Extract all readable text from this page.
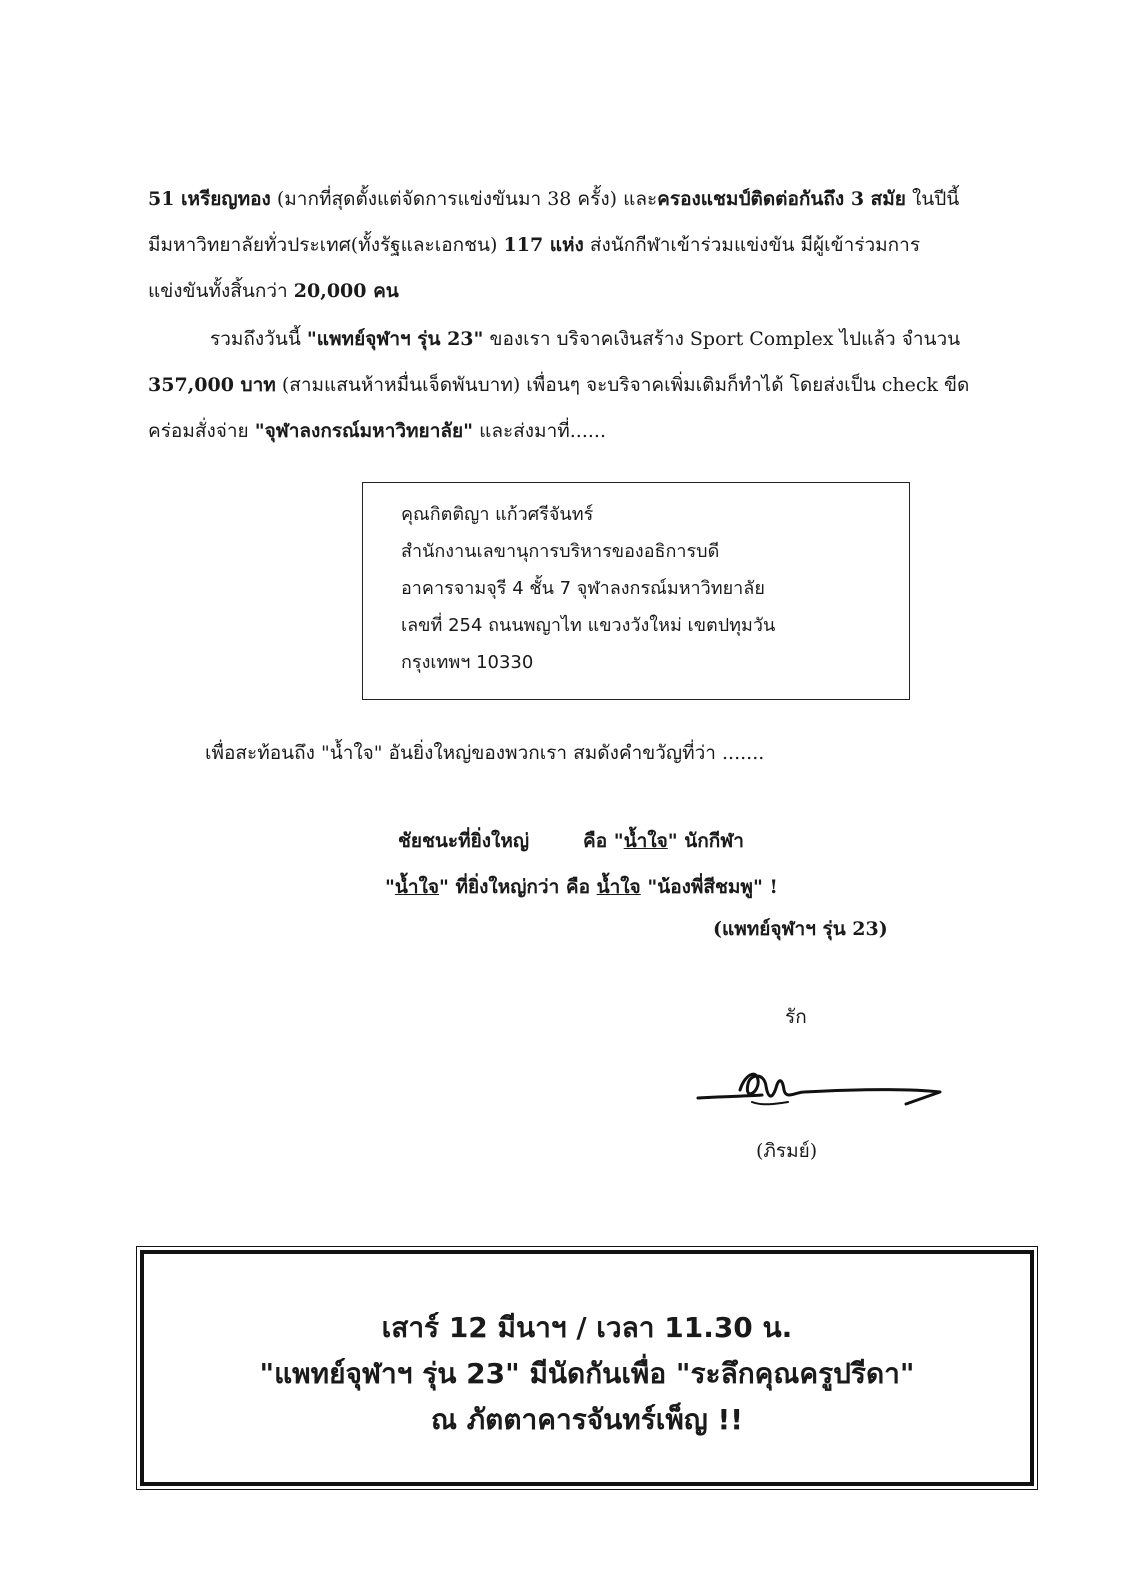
51 เหรียญทอง (มากที่สุดตั้งแต่จัดการแข่งขันมา 38 ครั้ง) และครองแชมป์ติดต่อกันถึง 3 สมัย ในปีนี้

มีมหาวิทยาลัยทั่วประเทศ(ทั้งรัฐและเอกชน) 117 แห่ง ส่งนักกีฬาเข้าร่วมแข่งขัน มีผู้เข้าร่วมการ

แข่งขันทั้งสิ้นกว่า 20,000 คน

รวมถึงวันนี้ "แพทย์จุฬาฯ รุ่น 23" ของเรา บริจาคเงินสร้าง Sport Complex ไปแล้ว จำนวน

357,000 บาท (สามแสนห้าหมื่นเจ็ดพันบาท) เพื่อนๆ จะบริจาคเพิ่มเติมก็ทำได้ โดยส่งเป็น check ขีด

คร่อมสั่งจ่าย "จุฬาลงกรณ์มหาวิทยาลัย" และส่งมาที่......

คุณกิตติญา แก้วศรีจันทร์
สำนักงานเลขานุการบริหารของอธิการบดี
อาคารจามจุรี 4 ชั้น 7 จุฬาลงกรณ์มหาวิทยาลัย
เลขที่ 254 ถนนพญาไท แขวงวังใหม่ เขตปทุมวัน
กรุงเทพฯ 10330
เพื่อสะท้อนถึง "น้ำใจ" อันยิ่งใหญ่ของพวกเรา สมดังคำขวัญที่ว่า .......
ชัยชนะที่ยิ่งใหญ่	คือ "น้ำใจ" นักกีฬา
"น้ำใจ" ที่ยิ่งใหญ่กว่า คือ น้ำใจ "น้องพี่สีชมพู" !
(แพทย์จุฬาฯ รุ่น 23)
รัก
(ภิรมย์)
เสาร์ 12 มีนาฯ / เวลา 11.30 น.
"แพทย์จุฬาฯ รุ่น 23" มีนัดกันเพื่อ "ระลึกคุณครูปรีดา"
ณ ภัตตาคารจันทร์เพ็ญ !!
